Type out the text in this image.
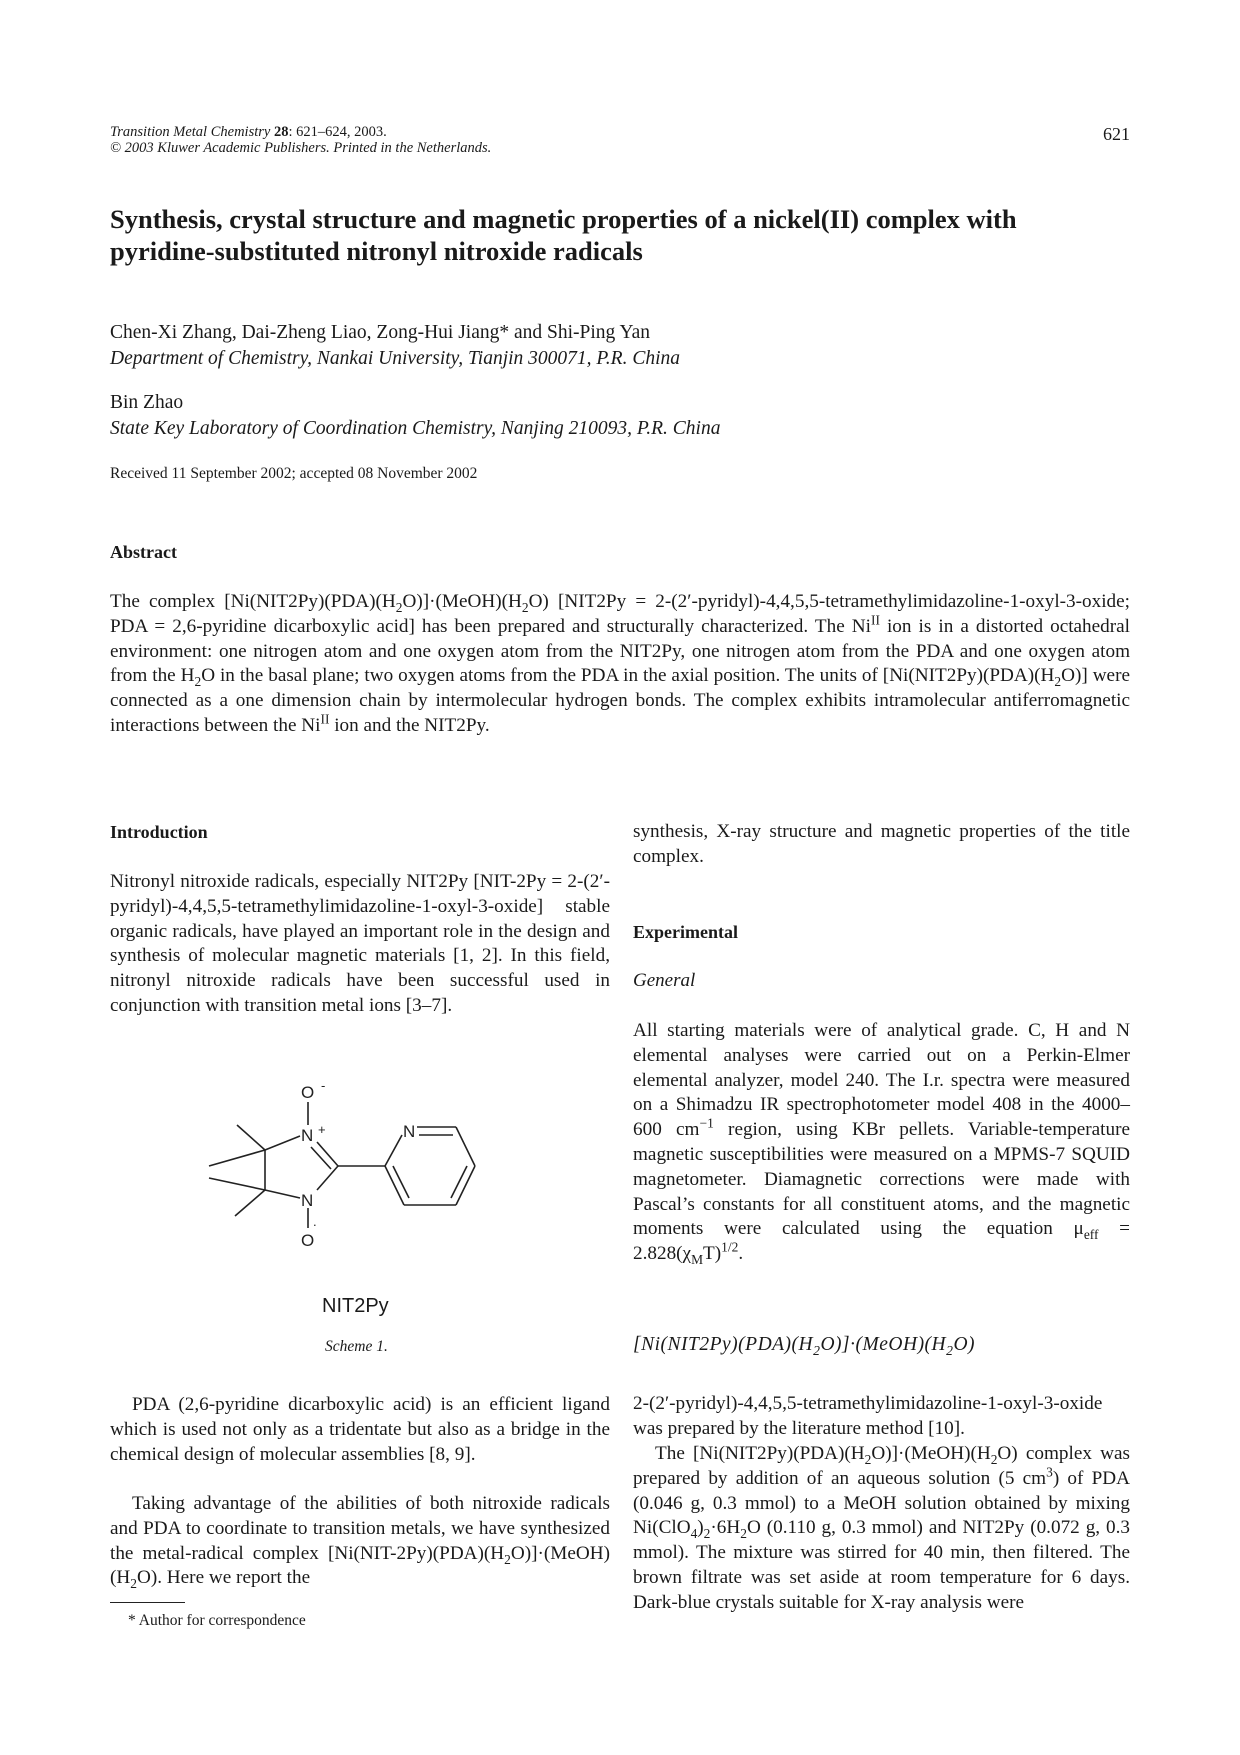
Transition Metal Chemistry 28: 621–624, 2003.
© 2003 Kluwer Academic Publishers. Printed in the Netherlands.
621
Synthesis, crystal structure and magnetic properties of a nickel(II) complex with
pyridine-substituted nitronyl nitroxide radicals
Chen-Xi Zhang, Dai-Zheng Liao, Zong-Hui Jiang* and Shi-Ping Yan
Department of Chemistry, Nankai University, Tianjin 300071, P.R. China
Bin Zhao
State Key Laboratory of Coordination Chemistry, Nanjing 210093, P.R. China
Received 11 September 2002; accepted 08 November 2002
Abstract
The complex $[Ni(NIT2Py)(PDA)(H_2O)]\cdot(MeOH)(H_2O) [NIT2Py$ = 2-(2′-pyridyl)-4,4,5,5-tetramethylimidazoline-1-oxyl-3-oxide; PDA = 2,6-pyridine dicarboxylic acid] has been prepared and structurally characterized. The $Ni^{II}$ ion is in a distorted octahedral environment: one nitrogen atom and one oxygen atom from the NIT2Py, one nitrogen atom from the PDA and one oxygen atom from the $H_2O$ in the basal plane; two oxygen atoms from the PDA in the axial position. The units of $[Ni(NIT2Py)(PDA)(H_2O)]$ were connected as a one dimension chain by intermolecular hydrogen bonds. The complex exhibits intramolecular antiferromagnetic interactions between the $Ni^{II}$ ion and the NIT2Py.
Introduction
Nitronyl nitroxide radicals, especially NIT2Py [NIT-2Py = 2-(2′-pyridyl)-4,4,5,5-tetramethylimidazoline-1-oxyl-3-oxide] stable organic radicals, have played an important role in the design and synthesis of molecular magnetic materials [1, 2]. In this field, nitronyl nitroxide radicals have been successful used in conjunction with transition metal ions [3–7].
O -
N +
N
.
O
N
NIT2Py
Scheme 1.
PDA (2,6-pyridine dicarboxylic acid) is an efficient ligand which is used not only as a tridentate but also as a bridge in the chemical design of molecular assemblies [8, 9].
Taking advantage of the abilities of both nitroxide radicals and PDA to coordinate to transition metals, we have synthesized the metal-radical complex $[Ni(NIT-2Py)(PDA)(H_2O)]\cdot(MeOH)(H_2O)$. Here we report the
* Author for correspondence
synthesis, X-ray structure and magnetic properties of the title complex.
Experimental
General
All starting materials were of analytical grade. C, H and N elemental analyses were carried out on a Perkin-Elmer elemental analyzer, model 240. The I.r. spectra were measured on a Shimadzu IR spectrophotometer model 408 in the 4000–600 $cm^{-1}$ region, using KBr pellets. Variable-temperature magnetic susceptibilities were measured on a MPMS-7 SQUID magnetometer. Diamagnetic corrections were made with Pascal’s constants for all constituent atoms, and the magnetic moments were calculated using the equation $\mu_{eff} = 2.828(\chi_MT)^{1/2}$.
$[Ni(NIT2Py)(PDA)(H_2O)]\cdot(MeOH)(H_2O)$
2-(2′-pyridyl)-4,4,5,5-tetramethylimidazoline-1-oxyl-3-oxide was prepared by the literature method [10].
The $[Ni(NIT2Py)(PDA)(H_2O)]\cdot(MeOH)(H_2O)$ complex was prepared by addition of an aqueous solution (5 $cm^3$) of PDA (0.046 g, 0.3 mmol) to a MeOH solution obtained by mixing $Ni(ClO_4)_2\cdot 6H_2O$ (0.110 g, 0.3 mmol) and NIT2Py (0.072 g, 0.3 mmol). The mixture was stirred for 40 min, then filtered. The brown filtrate was set aside at room temperature for 6 days. Dark-blue crystals suitable for X-ray analysis were
